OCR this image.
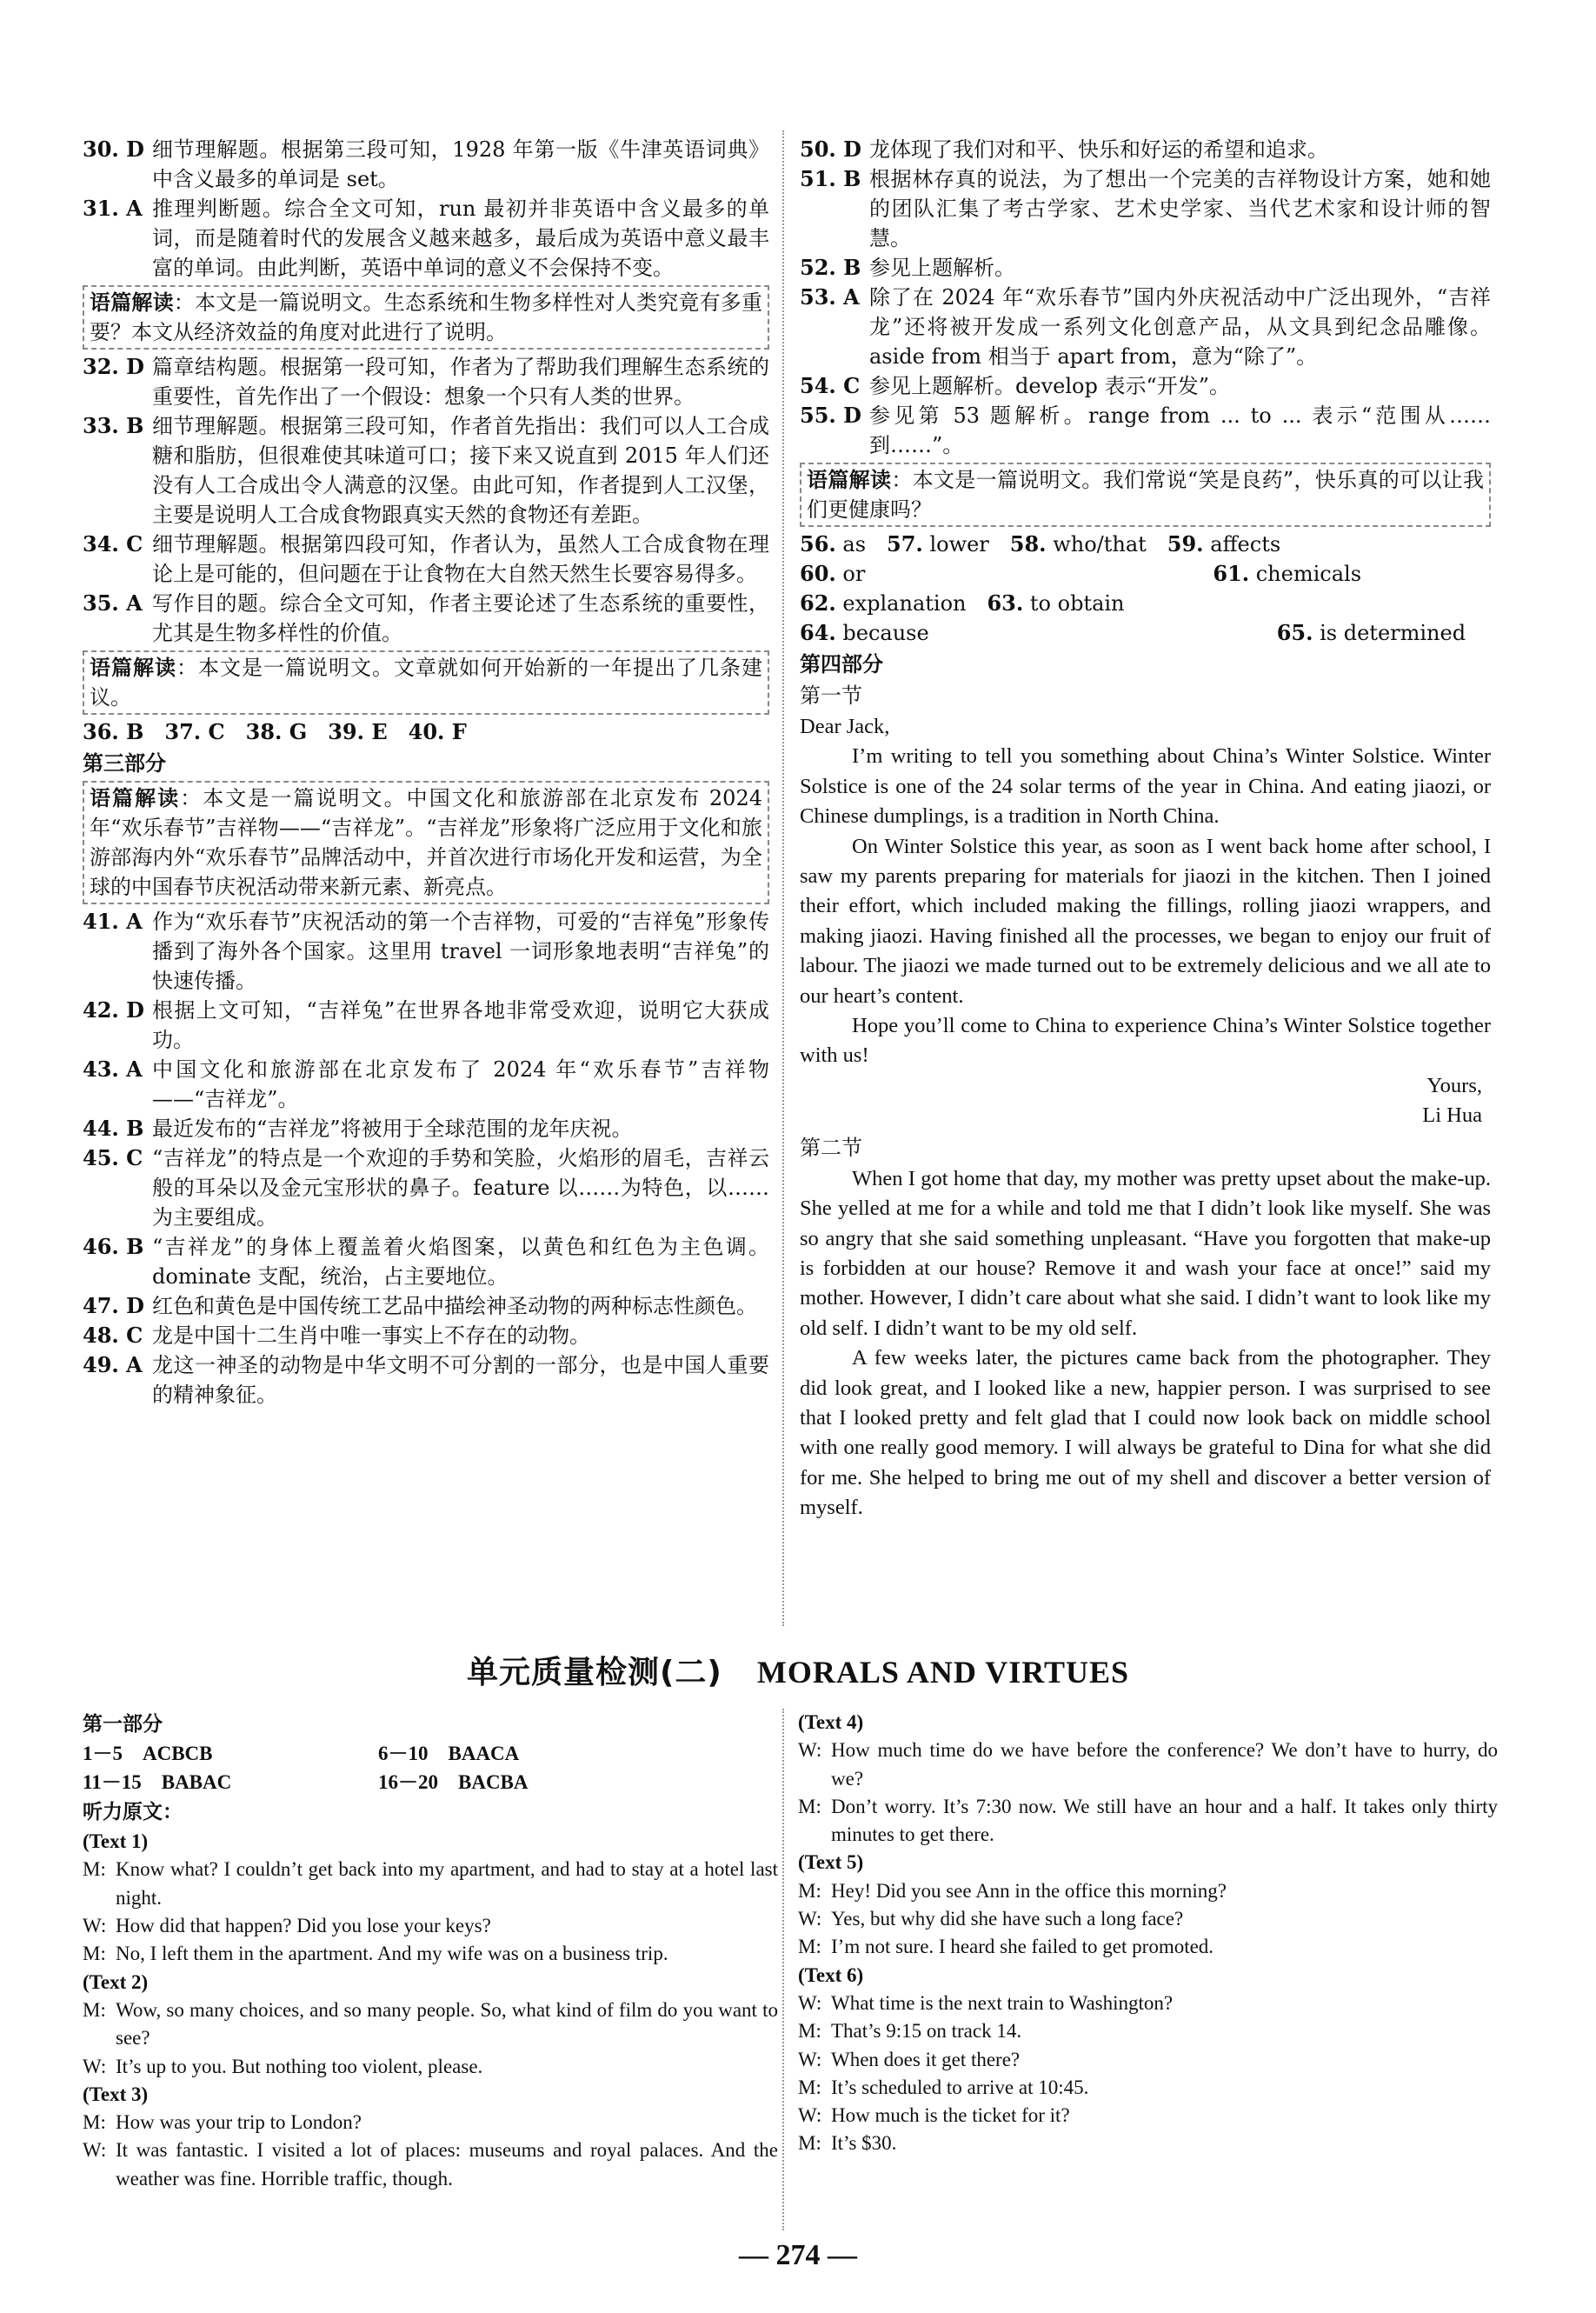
30. D 细节理解题。根据第三段可知，1928 年第一版《牛津英语词典》中含义最多的单词是 set。
31. A 推理判断题。综合全文可知，run 最初并非英语中含义最多的单词，而是随着时代的发展含义越来越多，最后成为英语中意义最丰富的单词。由此判断，英语中单词的意义不会保持不变。
语篇解读：本文是一篇说明文。生态系统和生物多样性对人类究竟有多重要？本文从经济效益的角度对此进行了说明。
32. D 篇章结构题。根据第一段可知，作者为了帮助我们理解生态系统的重要性，首先作出了一个假设：想象一个只有人类的世界。
33. B 细节理解题。根据第三段可知，作者首先指出：我们可以人工合成糖和脂肪，但很难使其味道可口；接下来又说直到 2015 年人们还没有人工合成出令人满意的汉堡。由此可知，作者提到人工汉堡，主要是说明人工合成食物跟真实天然的食物还有差距。
34. C 细节理解题。根据第四段可知，作者认为，虽然人工合成食物在理论上是可能的，但问题在于让食物在大自然天然生长要容易得多。
35. A 写作目的题。综合全文可知，作者主要论述了生态系统的重要性，尤其是生物多样性的价值。
语篇解读：本文是一篇说明文。文章就如何开始新的一年提出了几条建议。
36. B 37. C 38. G 39. E 40. F
第三部分
语篇解读：本文是一篇说明文。中国文化和旅游部在北京发布 2024 年“欢乐春节”吉祥物——“吉祥龙”。“吉祥龙”形象将广泛应用于文化和旅游部海内外“欢乐春节”品牌活动中，并首次进行市场化开发和运营，为全球的中国春节庆祝活动带来新元素、新亮点。
41. A 作为“欢乐春节”庆祝活动的第一个吉祥物，可爱的“吉祥兔”形象传播到了海外各个国家。这里用 travel 一词形象地表明“吉祥兔”的快速传播。
42. D 根据上文可知，“吉祥兔”在世界各地非常受欢迎，说明它大获成功。
43. A 中国文化和旅游部在北京发布了 2024 年“欢乐春节”吉祥物——“吉祥龙”。
44. B 最近发布的“吉祥龙”将被用于全球范围的龙年庆祝。
45. C “吉祥龙”的特点是一个欢迎的手势和笑脸，火焰形的眉毛，吉祥云般的耳朵以及金元宝形状的鼻子。feature 以……为特色，以……为主要组成。
46. B “吉祥龙”的身体上覆盖着火焰图案，以黄色和红色为主色调。dominate 支配，统治，占主要地位。
47. D 红色和黄色是中国传统工艺品中描绘神圣动物的两种标志性颜色。
48. C 龙是中国十二生肖中唯一事实上不存在的动物。
49. A 龙这一神圣的动物是中华文明不可分割的一部分，也是中国人重要的精神象征。
50. D 龙体现了我们对和平、快乐和好运的希望和追求。
51. B 根据林存真的说法，为了想出一个完美的吉祥物设计方案，她和她的团队汇集了考古学家、艺术史学家、当代艺术家和设计师的智慧。
52. B 参见上题解析。
53. A 除了在 2024 年“欢乐春节”国内外庆祝活动中广泛出现外，“吉祥龙”还将被开发成一系列文化创意产品，从文具到纪念品雕像。aside from 相当于 apart from，意为“除了”。
54. C 参见上题解析。develop 表示“开发”。
55. D 参见第 53 题解析。range from ... to ... 表示“范围从……到……”。
语篇解读：本文是一篇说明文。我们常说“笑是良药”，快乐真的可以让我们更健康吗？
56. as 57. lower 58. who/that 59. affects
60. or	61. chemicals
62. explanation 63. to obtain
64. because	65. is determined
第四部分
第一节

Dear Jack,

I’m writing to tell you something about China’s Winter Solstice. Winter Solstice is one of the 24 solar terms of the year in China. And eating jiaozi, or Chinese dumplings, is a tradition in North China.

On Winter Solstice this year, as soon as I went back home after school, I saw my parents preparing for materials for jiaozi in the kitchen. Then I joined their effort, which included making the fillings, rolling jiaozi wrappers, and making jiaozi. Having finished all the processes, we began to enjoy our fruit of labour. The jiaozi we made turned out to be extremely delicious and we all ate to our heart’s content.

Hope you’ll come to China to experience China’s Winter Solstice together with us!

Yours,

Li Hua

第二节

When I got home that day, my mother was pretty upset about the make-up. She yelled at me for a while and told me that I didn’t look like myself. She was so angry that she said something unpleasant. “Have you forgotten that make-up is forbidden at our house? Remove it and wash your face at once!” said my mother. However, I didn’t care about what she said. I didn’t want to look like my old self. I didn’t want to be my old self.

A few weeks later, the pictures came back from the photographer. They did look great, and I looked like a new, happier person. I was surprised to see that I looked pretty and felt glad that I could now look back on middle school with one really good memory. I will always be grateful to Dina for what she did for me. She helped to bring me out of my shell and discover a better version of myself.

单元质量检测(二) MORALS AND VIRTUES
第一部分
1－5　ACBCB	6－10　BAACA
11－15　BABAC	16－20　BACBA
听力原文：
(Text 1)
M: Know what? I couldn’t get back into my apartment, and had to stay at a hotel last night.
W: How did that happen? Did you lose your keys?
M: No, I left them in the apartment. And my wife was on a business trip.
(Text 2)
M: Wow, so many choices, and so many people. So, what kind of film do you want to see?
W: It’s up to you. But nothing too violent, please.
(Text 3)
M: How was your trip to London?
W: It was fantastic. I visited a lot of places: museums and royal palaces. And the weather was fine. Horrible traffic, though.
(Text 4)
W: How much time do we have before the conference? We don’t have to hurry, do we?
M: Don’t worry. It’s 7:30 now. We still have an hour and a half. It takes only thirty minutes to get there.
(Text 5)
M: Hey! Did you see Ann in the office this morning?
W: Yes, but why did she have such a long face?
M: I’m not sure. I heard she failed to get promoted.
(Text 6)
W: What time is the next train to Washington?
M: That’s 9:15 on track 14.
W: When does it get there?
M: It’s scheduled to arrive at 10:45.
W: How much is the ticket for it?
M: It’s $30.
— 274 —
